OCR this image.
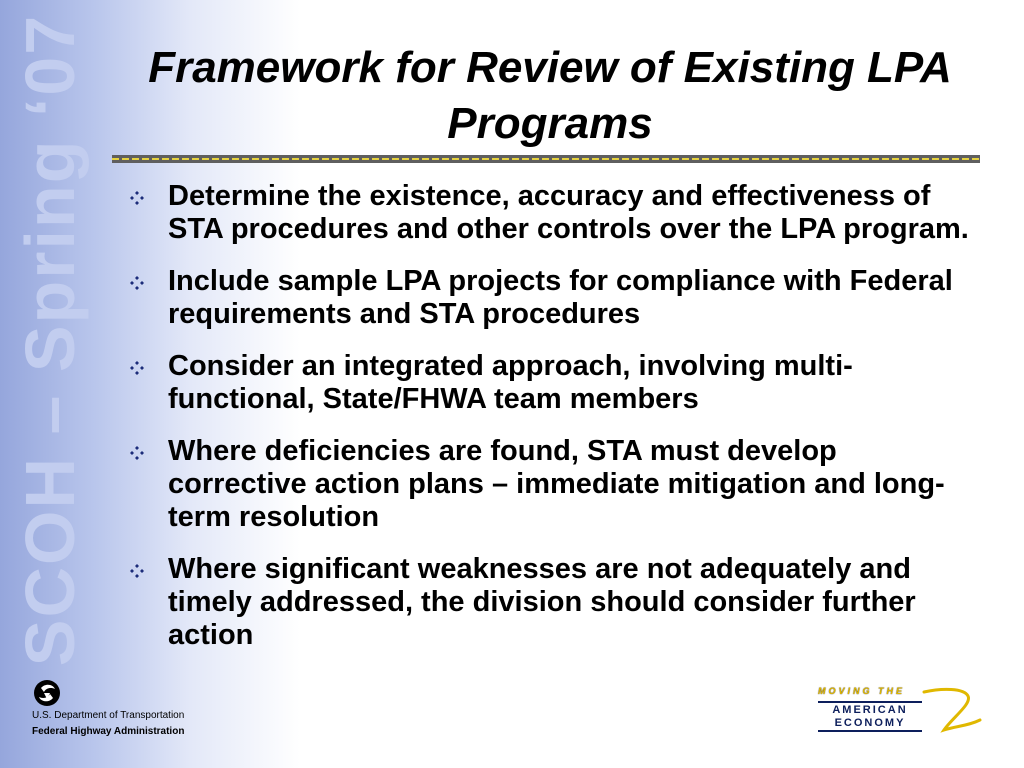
SCOH – Spring ‘07	Framework for Review of Existing LPA Programs
Determine the existence, accuracy and effectiveness of STA procedures and other controls over the LPA program.
Include sample LPA projects for compliance with Federal requirements and STA procedures
Consider an integrated approach, involving multi-functional, State/FHWA team members
Where deficiencies are found, STA must develop corrective action plans – immediate mitigation and long-term resolution
Where significant weaknesses are not adequately and timely addressed, the division should consider further action
U.S. Department of Transportation
Federal Highway Administration
MOVING THE
AMERICAN
ECONOMY
